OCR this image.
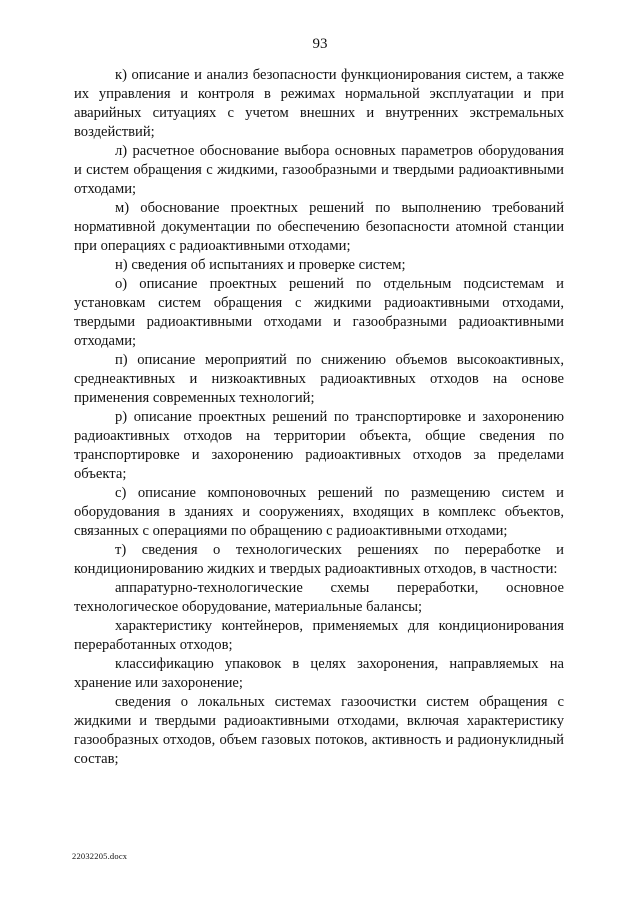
93

к) описание и анализ безопасности функционирования систем, а также их управления и контроля в режимах нормальной эксплуатации и при аварийных ситуациях с учетом внешних и внутренних экстремальных воздействий;

л) расчетное обоснование выбора основных параметров оборудования и систем обращения с жидкими, газообразными и твердыми радиоактивными отходами;

м) обоснование проектных решений по выполнению требований нормативной документации по обеспечению безопасности атомной станции при операциях с радиоактивными отходами;

н) сведения об испытаниях и проверке систем;

о) описание проектных решений по отдельным подсистемам и установкам систем обращения с жидкими радиоактивными отходами, твердыми радиоактивными отходами и газообразными радиоактивными отходами;

п) описание мероприятий по снижению объемов высокоактивных, среднеактивных и низкоактивных радиоактивных отходов на основе применения современных технологий;

р) описание проектных решений по транспортировке и захоронению радиоактивных отходов на территории объекта, общие сведения по транспортировке и захоронению радиоактивных отходов за пределами объекта;

с) описание компоновочных решений по размещению систем и оборудования в зданиях и сооружениях, входящих в комплекс объектов, связанных с операциями по обращению с радиоактивными отходами;

т) сведения о технологических решениях по переработке и кондиционированию жидких и твердых радиоактивных отходов, в частности:

аппаратурно-технологические схемы переработки, основное технологическое оборудование, материальные балансы;

характеристику контейнеров, применяемых для кондиционирования переработанных отходов;

классификацию упаковок в целях захоронения, направляемых на хранение или захоронение;

сведения о локальных системах газоочистки систем обращения с жидкими и твердыми радиоактивными отходами, включая характеристику газообразных отходов, объем газовых потоков, активность и радионуклидный состав;

22032205.docx
